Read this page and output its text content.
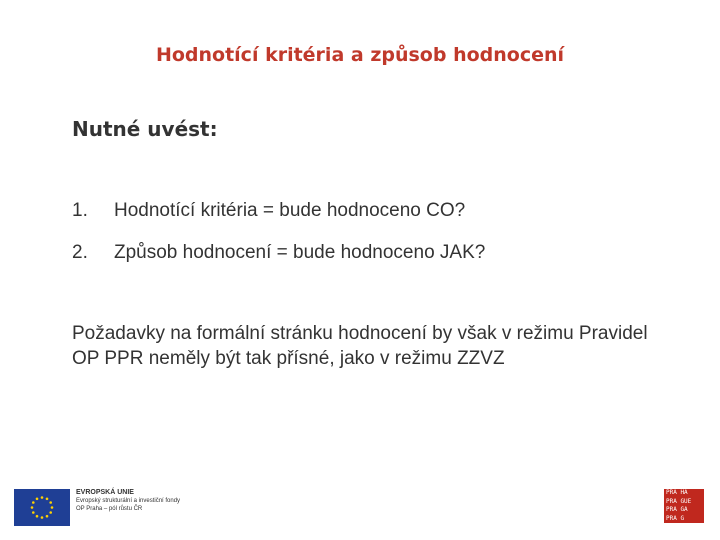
Hodnotící kritéria a způsob hodnocení
Nutné uvést:
1.	Hodnotící kritéria = bude hodnoceno CO?
2.	Způsob hodnocení = bude hodnoceno JAK?
Požadavky na formální stránku hodnocení by však v režimu Pravidel OP PPR neměly být tak přísné, jako v režimu ZZVZ
EVROPSKÁ UNIE
Evropský strukturální a investiční fondy
OP Praha – pól růstu ČR
PRA HA
PRA GUE
PRA GA
PRA G
